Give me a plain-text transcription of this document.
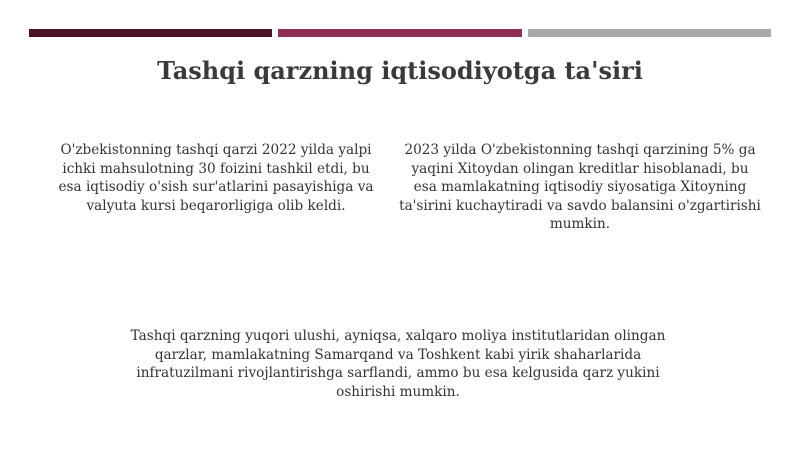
Tashqi qarzning iqtisodiyotga ta'siri

O'zbekistonning tashqi qarzi 2022 yilda yalpi ichki mahsulotning 30 foizini tashkil etdi, bu esa iqtisodiy o'sish sur'atlarini pasayishiga va valyuta kursi beqarorligiga olib keldi.

2023 yilda O'zbekistonning tashqi qarzining 5% ga yaqini Xitoydan olingan kreditlar hisoblanadi, bu esa mamlakatning iqtisodiy siyosatiga Xitoyning ta'sirini kuchaytiradi va savdo balansini o'zgartirishi mumkin.

Tashqi qarzning yuqori ulushi, ayniqsa, xalqaro moliya institutlaridan olingan qarzlar, mamlakatning Samarqand va Toshkent kabi yirik shaharlarida infratuzilmani rivojlantirishga sarflandi, ammo bu esa kelgusida qarz yukini oshirishi mumkin.
